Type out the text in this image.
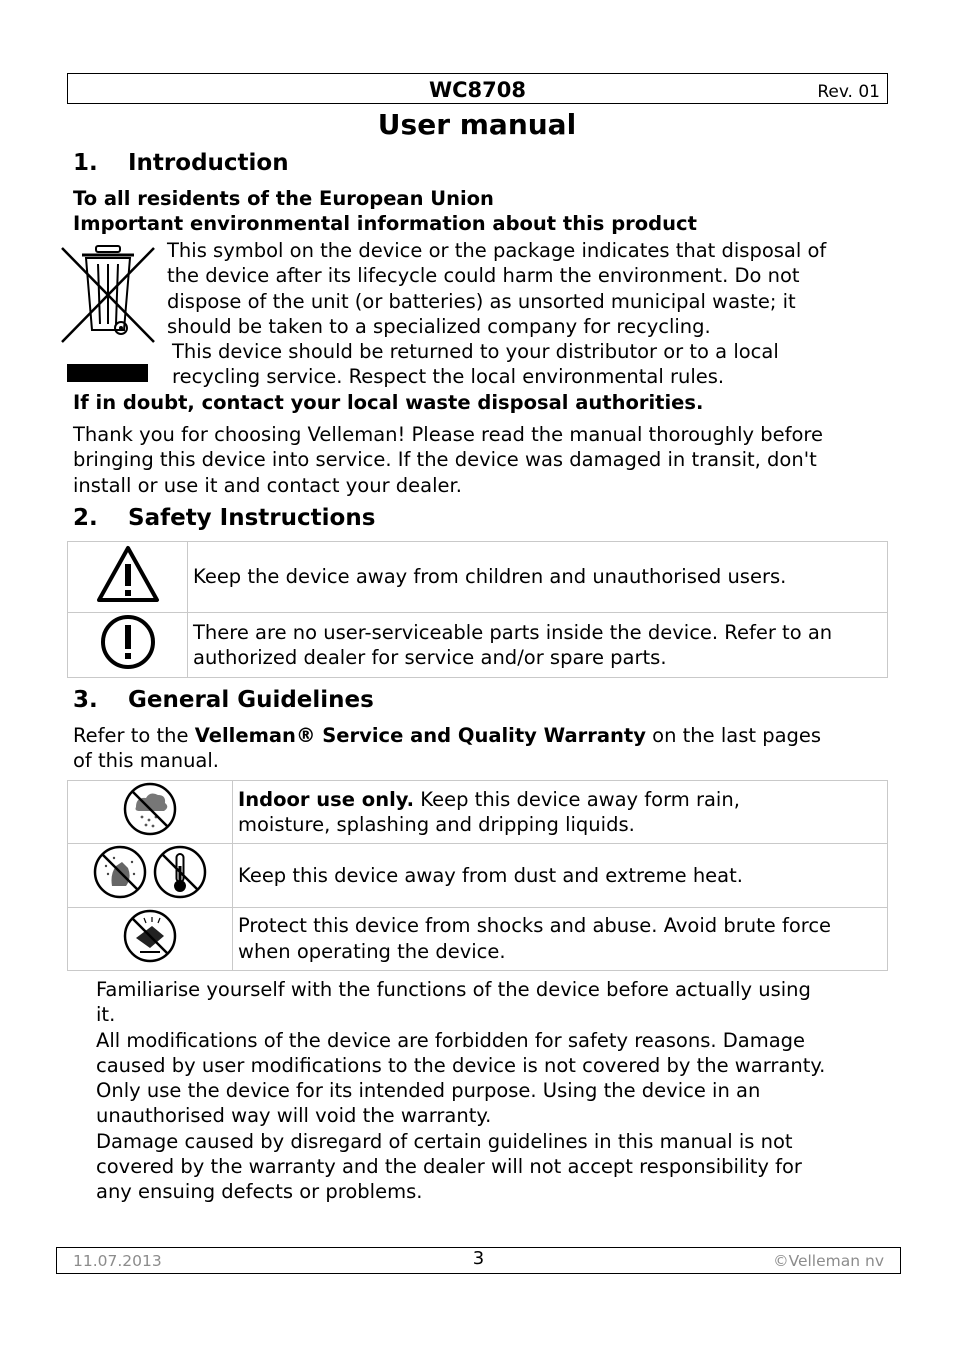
WC8708	Rev. 01
User manual
1. Introduction
To all residents of the European Union
Important environmental information about this product
This symbol on the device or the package indicates that disposal of
the device after its lifecycle could harm the environment. Do not
dispose of the unit (or batteries) as unsorted municipal waste; it
should be taken to a specialized company for recycling.
This device should be returned to your distributor or to a local
recycling service. Respect the local environmental rules.
If in doubt, contact your local waste disposal authorities.
Thank you for choosing Velleman! Please read the manual thoroughly before
bringing this device into service. If the device was damaged in transit, don't
install or use it and contact your dealer.
2. Safety Instructions
	Keep the device away from children and unauthorised users.

There are no user-serviceable parts inside the device. Refer to an
authorized dealer for service and/or spare parts.
3. General Guidelines
Refer to the Velleman® Service and Quality Warranty on the last pages
of this manual.

Indoor use only. Keep this device away form rain,
moisture, splashing and dripping liquids.

	Keep this device away from dust and extreme heat.

Protect this device from shocks and abuse. Avoid brute force
when operating the device.
Familiarise yourself with the functions of the device before actually using
it.
All modifications of the device are forbidden for safety reasons. Damage
caused by user modifications to the device is not covered by the warranty.
Only use the device for its intended purpose. Using the device in an
unauthorised way will void the warranty.
Damage caused by disregard of certain guidelines in this manual is not
covered by the warranty and the dealer will not accept responsibility for
any ensuing defects or problems.
11.07.2013	3	©Velleman nv
